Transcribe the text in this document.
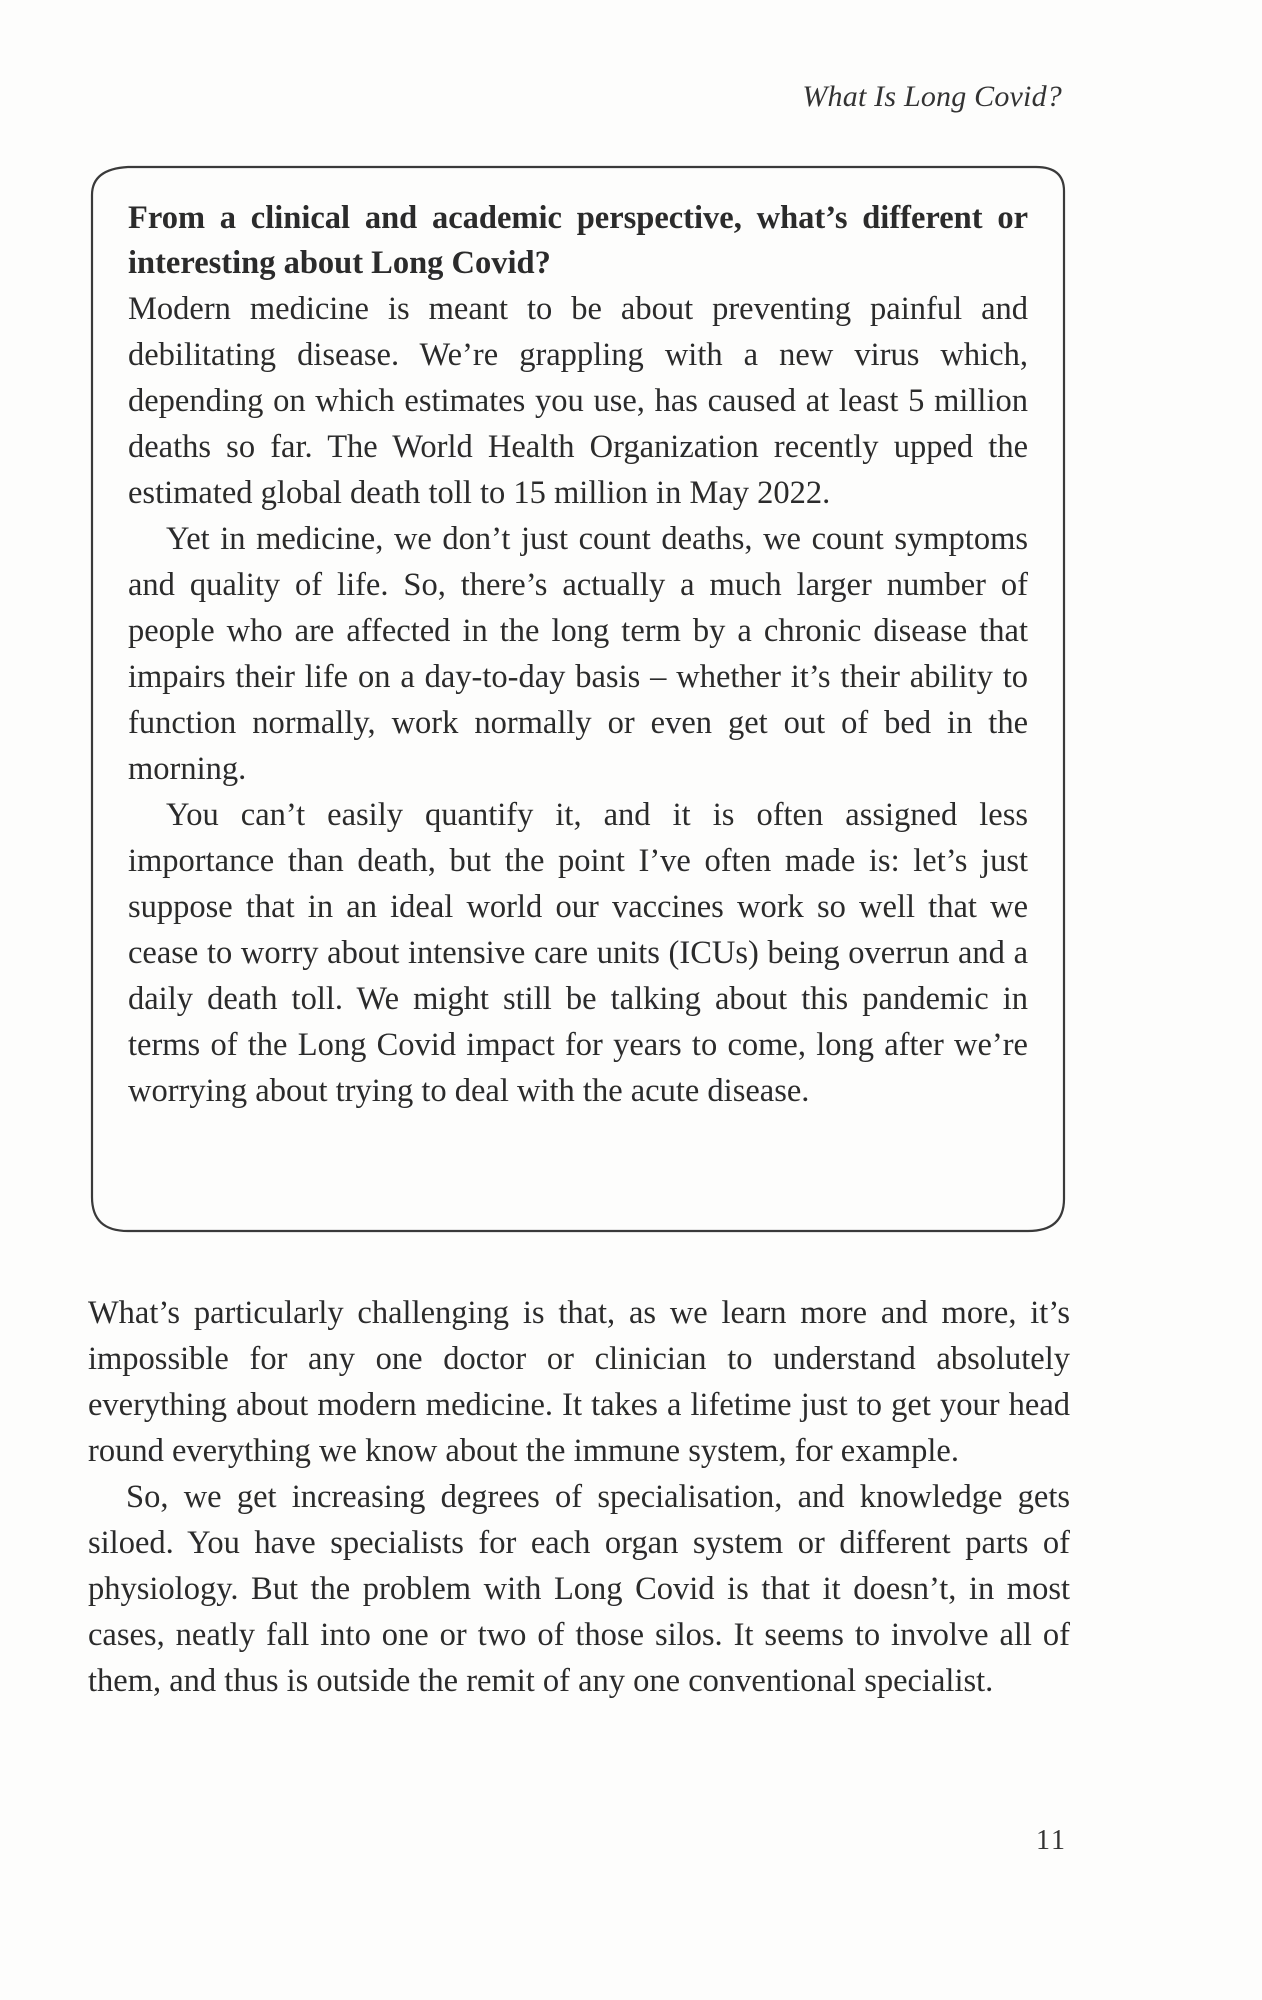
What Is Long Covid?

From a clinical and academic perspective, what’s different or interesting about Long Covid?

Modern medicine is meant to be about preventing painful and debilitating disease. We’re grappling with a new virus which, depending on which estimates you use, has caused at least 5 million deaths so far. The World Health Organization recently upped the estimated global death toll to 15 million in May 2022.

Yet in medicine, we don’t just count deaths, we count symptoms and quality of life. So, there’s actually a much larger number of people who are affected in the long term by a chronic disease that impairs their life on a day-to-day basis – whether it’s their ability to function normally, work normally or even get out of bed in the morning.

You can’t easily quantify it, and it is often assigned less importance than death, but the point I’ve often made is: let’s just suppose that in an ideal world our vaccines work so well that we cease to worry about intensive care units (ICUs) being overrun and a daily death toll. We might still be talking about this pandemic in terms of the Long Covid impact for years to come, long after we’re worrying about trying to deal with the acute disease.

What’s particularly challenging is that, as we learn more and more, it’s impossible for any one doctor or clinician to understand absolutely everything about modern medicine. It takes a lifetime just to get your head round everything we know about the immune system, for example.

So, we get increasing degrees of specialisation, and knowledge gets siloed. You have specialists for each organ system or different parts of physiology. But the problem with Long Covid is that it doesn’t, in most cases, neatly fall into one or two of those silos. It seems to involve all of them, and thus is outside the remit of any one conventional specialist.

11
